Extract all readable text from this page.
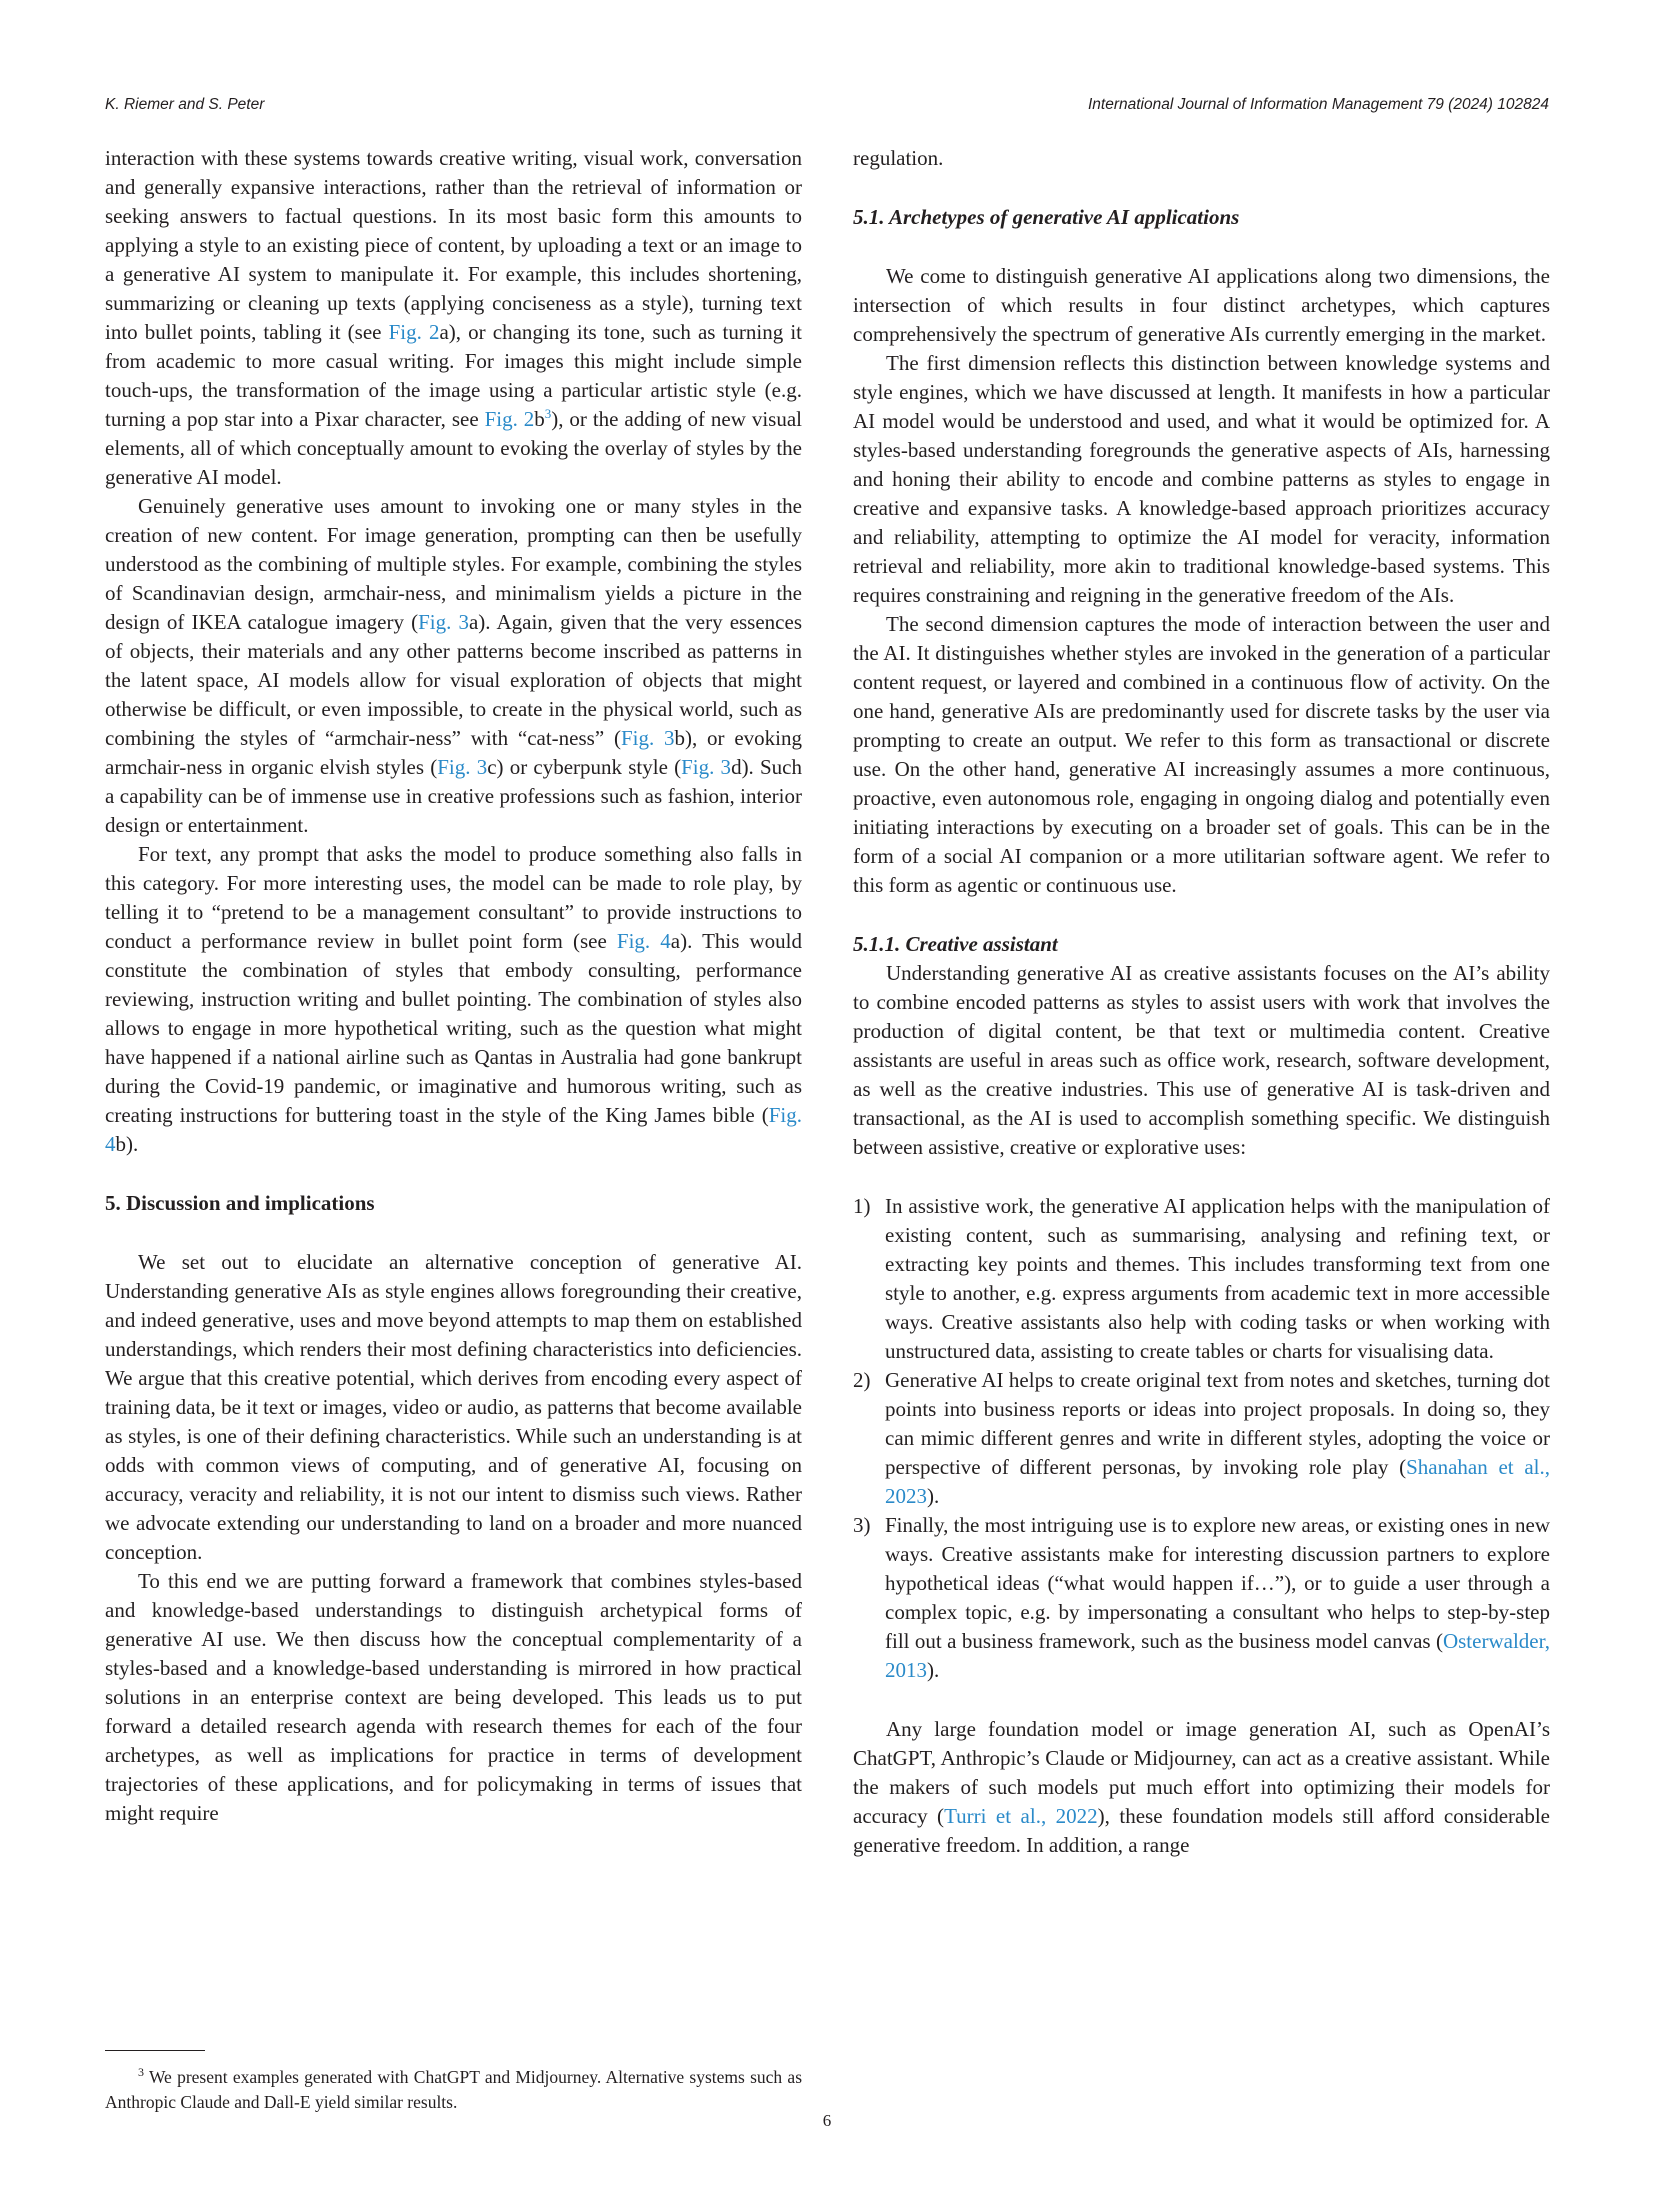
K. Riemer and S. Peter	International Journal of Information Management 79 (2024) 102824

interaction with these systems towards creative writing, visual work, conversation and generally expansive interactions, rather than the retrieval of information or seeking answers to factual questions. In its most basic form this amounts to applying a style to an existing piece of content, by uploading a text or an image to a generative AI system to manipulate it. For example, this includes shortening, summarizing or cleaning up texts (applying conciseness as a style), turning text into bullet points, tabling it (see Fig. 2a), or changing its tone, such as turning it from academic to more casual writing. For images this might include simple touch-ups, the transformation of the image using a particular artistic style (e.g. turning a pop star into a Pixar character, see Fig. 2b$^3$), or the adding of new visual elements, all of which conceptually amount to evoking the overlay of styles by the generative AI model.

Genuinely generative uses amount to invoking one or many styles in the creation of new content. For image generation, prompting can then be usefully understood as the combining of multiple styles. For example, combining the styles of Scandinavian design, armchair-ness, and minimalism yields a picture in the design of IKEA catalogue imagery (Fig. 3a). Again, given that the very essences of objects, their materials and any other patterns become inscribed as patterns in the latent space, AI models allow for visual exploration of objects that might otherwise be difficult, or even impossible, to create in the physical world, such as combining the styles of “armchair-ness” with “cat-ness” (Fig. 3b), or evoking armchair-ness in organic elvish styles (Fig. 3c) or cyberpunk style (Fig. 3d). Such a capability can be of immense use in creative professions such as fashion, interior design or entertainment.

For text, any prompt that asks the model to produce something also falls in this category. For more interesting uses, the model can be made to role play, by telling it to “pretend to be a management consultant” to provide instructions to conduct a performance review in bullet point form (see Fig. 4a). This would constitute the combination of styles that embody consulting, performance reviewing, instruction writing and bullet pointing. The combination of styles also allows to engage in more hypothetical writing, such as the question what might have happened if a national airline such as Qantas in Australia had gone bankrupt during the Covid-19 pandemic, or imaginative and humorous writing, such as creating instructions for buttering toast in the style of the King James bible (Fig. 4b).

5. Discussion and implications

We set out to elucidate an alternative conception of generative AI. Understanding generative AIs as style engines allows foregrounding their creative, and indeed generative, uses and move beyond attempts to map them on established understandings, which renders their most defining characteristics into deficiencies. We argue that this creative potential, which derives from encoding every aspect of training data, be it text or images, video or audio, as patterns that become available as styles, is one of their defining characteristics. While such an understanding is at odds with common views of computing, and of generative AI, focusing on accuracy, veracity and reliability, it is not our intent to dismiss such views. Rather we advocate extending our understanding to land on a broader and more nuanced conception.

To this end we are putting forward a framework that combines styles-based and knowledge-based understandings to distinguish archetypical forms of generative AI use. We then discuss how the conceptual complementarity of a styles-based and a knowledge-based understanding is mirrored in how practical solutions in an enterprise context are being developed. This leads us to put forward a detailed research agenda with research themes for each of the four archetypes, as well as implications for practice in terms of development trajectories of these applications, and for policymaking in terms of issues that might require

$^3$ We present examples generated with ChatGPT and Midjourney. Alternative systems such as Anthropic Claude and Dall-E yield similar results.

regulation.

5.1. Archetypes of generative AI applications

We come to distinguish generative AI applications along two dimensions, the intersection of which results in four distinct archetypes, which captures comprehensively the spectrum of generative AIs currently emerging in the market.

The first dimension reflects this distinction between knowledge systems and style engines, which we have discussed at length. It manifests in how a particular AI model would be understood and used, and what it would be optimized for. A styles-based understanding foregrounds the generative aspects of AIs, harnessing and honing their ability to encode and combine patterns as styles to engage in creative and expansive tasks. A knowledge-based approach prioritizes accuracy and reliability, attempting to optimize the AI model for veracity, information retrieval and reliability, more akin to traditional knowledge-based systems. This requires constraining and reigning in the generative freedom of the AIs.

The second dimension captures the mode of interaction between the user and the AI. It distinguishes whether styles are invoked in the generation of a particular content request, or layered and combined in a continuous flow of activity. On the one hand, generative AIs are predominantly used for discrete tasks by the user via prompting to create an output. We refer to this form as transactional or discrete use. On the other hand, generative AI increasingly assumes a more continuous, proactive, even autonomous role, engaging in ongoing dialog and potentially even initiating interactions by executing on a broader set of goals. This can be in the form of a social AI companion or a more utilitarian software agent. We refer to this form as agentic or continuous use.

5.1.1. Creative assistant

Understanding generative AI as creative assistants focuses on the AI’s ability to combine encoded patterns as styles to assist users with work that involves the production of digital content, be that text or multimedia content. Creative assistants are useful in areas such as office work, research, software development, as well as the creative industries. This use of generative AI is task-driven and transactional, as the AI is used to accomplish something specific. We distinguish between assistive, creative or explorative uses:

1) In assistive work, the generative AI application helps with the manipulation of existing content, such as summarising, analysing and refining text, or extracting key points and themes. This includes transforming text from one style to another, e.g. express arguments from academic text in more accessible ways. Creative assistants also help with coding tasks or when working with unstructured data, assisting to create tables or charts for visualising data.
2) Generative AI helps to create original text from notes and sketches, turning dot points into business reports or ideas into project proposals. In doing so, they can mimic different genres and write in different styles, adopting the voice or perspective of different personas, by invoking role play (Shanahan et al., 2023).
3) Finally, the most intriguing use is to explore new areas, or existing ones in new ways. Creative assistants make for interesting discussion partners to explore hypothetical ideas (“what would happen if…”), or to guide a user through a complex topic, e.g. by impersonating a consultant who helps to step-by-step fill out a business framework, such as the business model canvas (Osterwalder, 2013).

Any large foundation model or image generation AI, such as OpenAI’s ChatGPT, Anthropic’s Claude or Midjourney, can act as a creative assistant. While the makers of such models put much effort into optimizing their models for accuracy (Turri et al., 2022), these foundation models still afford considerable generative freedom. In addition, a range

6
